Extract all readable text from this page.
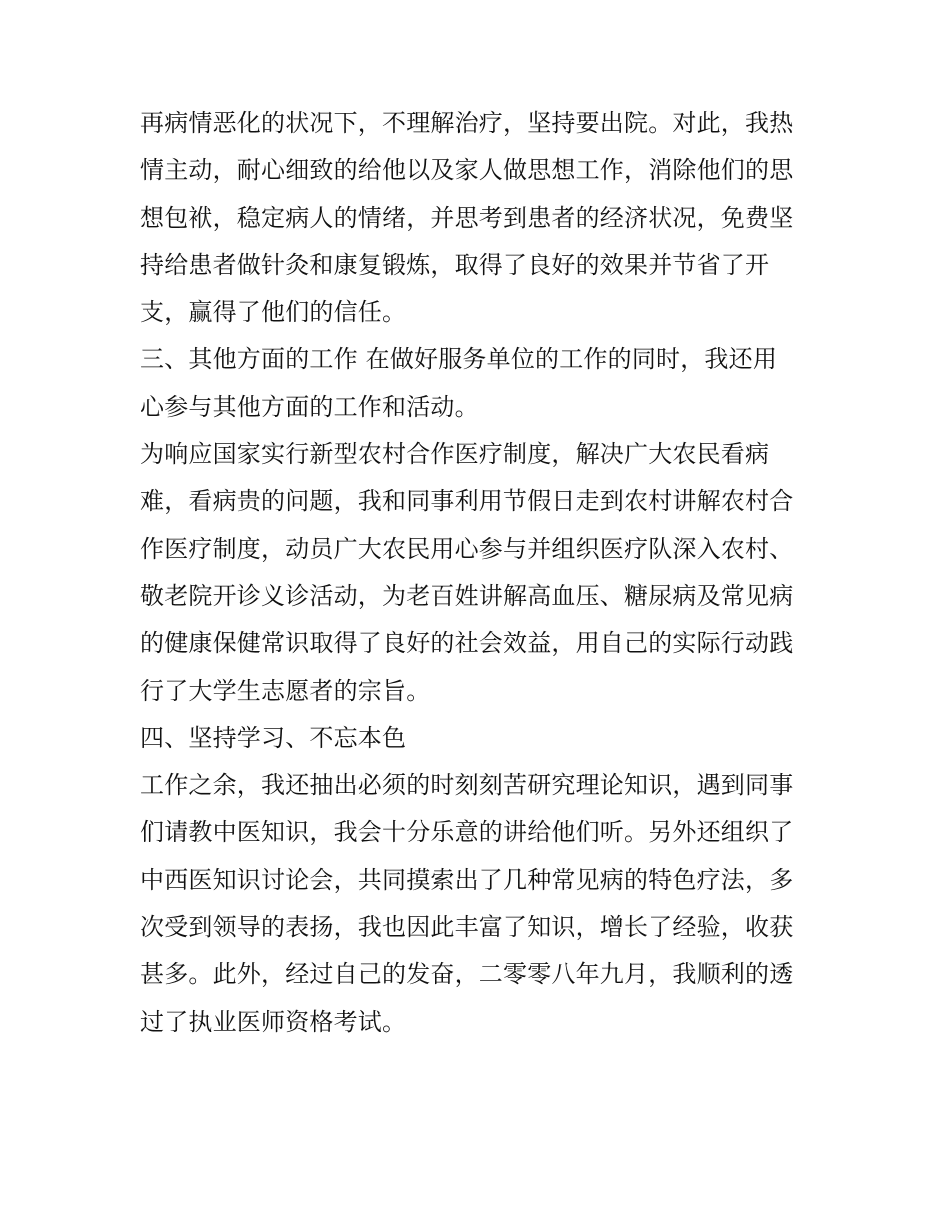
再病情恶化的状况下，不理解治疗，坚持要出院。对此，我热
情主动，耐心细致的给他以及家人做思想工作，消除他们的思
想包袱，稳定病人的情绪，并思考到患者的经济状况，免费坚
持给患者做针灸和康复锻炼，取得了良好的效果并节省了开
支，赢得了他们的信任。
三、其他方面的工作 在做好服务单位的工作的同时，我还用
心参与其他方面的工作和活动。
为响应国家实行新型农村合作医疗制度，解决广大农民看病
难，看病贵的问题，我和同事利用节假日走到农村讲解农村合
作医疗制度，动员广大农民用心参与并组织医疗队深入农村、
敬老院开诊义诊活动，为老百姓讲解高血压、糖尿病及常见病
的健康保健常识取得了良好的社会效益，用自己的实际行动践
行了大学生志愿者的宗旨。
四、坚持学习、不忘本色
工作之余，我还抽出必须的时刻刻苦研究理论知识，遇到同事
们请教中医知识，我会十分乐意的讲给他们听。另外还组织了
中西医知识讨论会，共同摸索出了几种常见病的特色疗法，多
次受到领导的表扬，我也因此丰富了知识，增长了经验，收获
甚多。此外，经过自己的发奋，二零零八年九月，我顺利的透
过了执业医师资格考试。
